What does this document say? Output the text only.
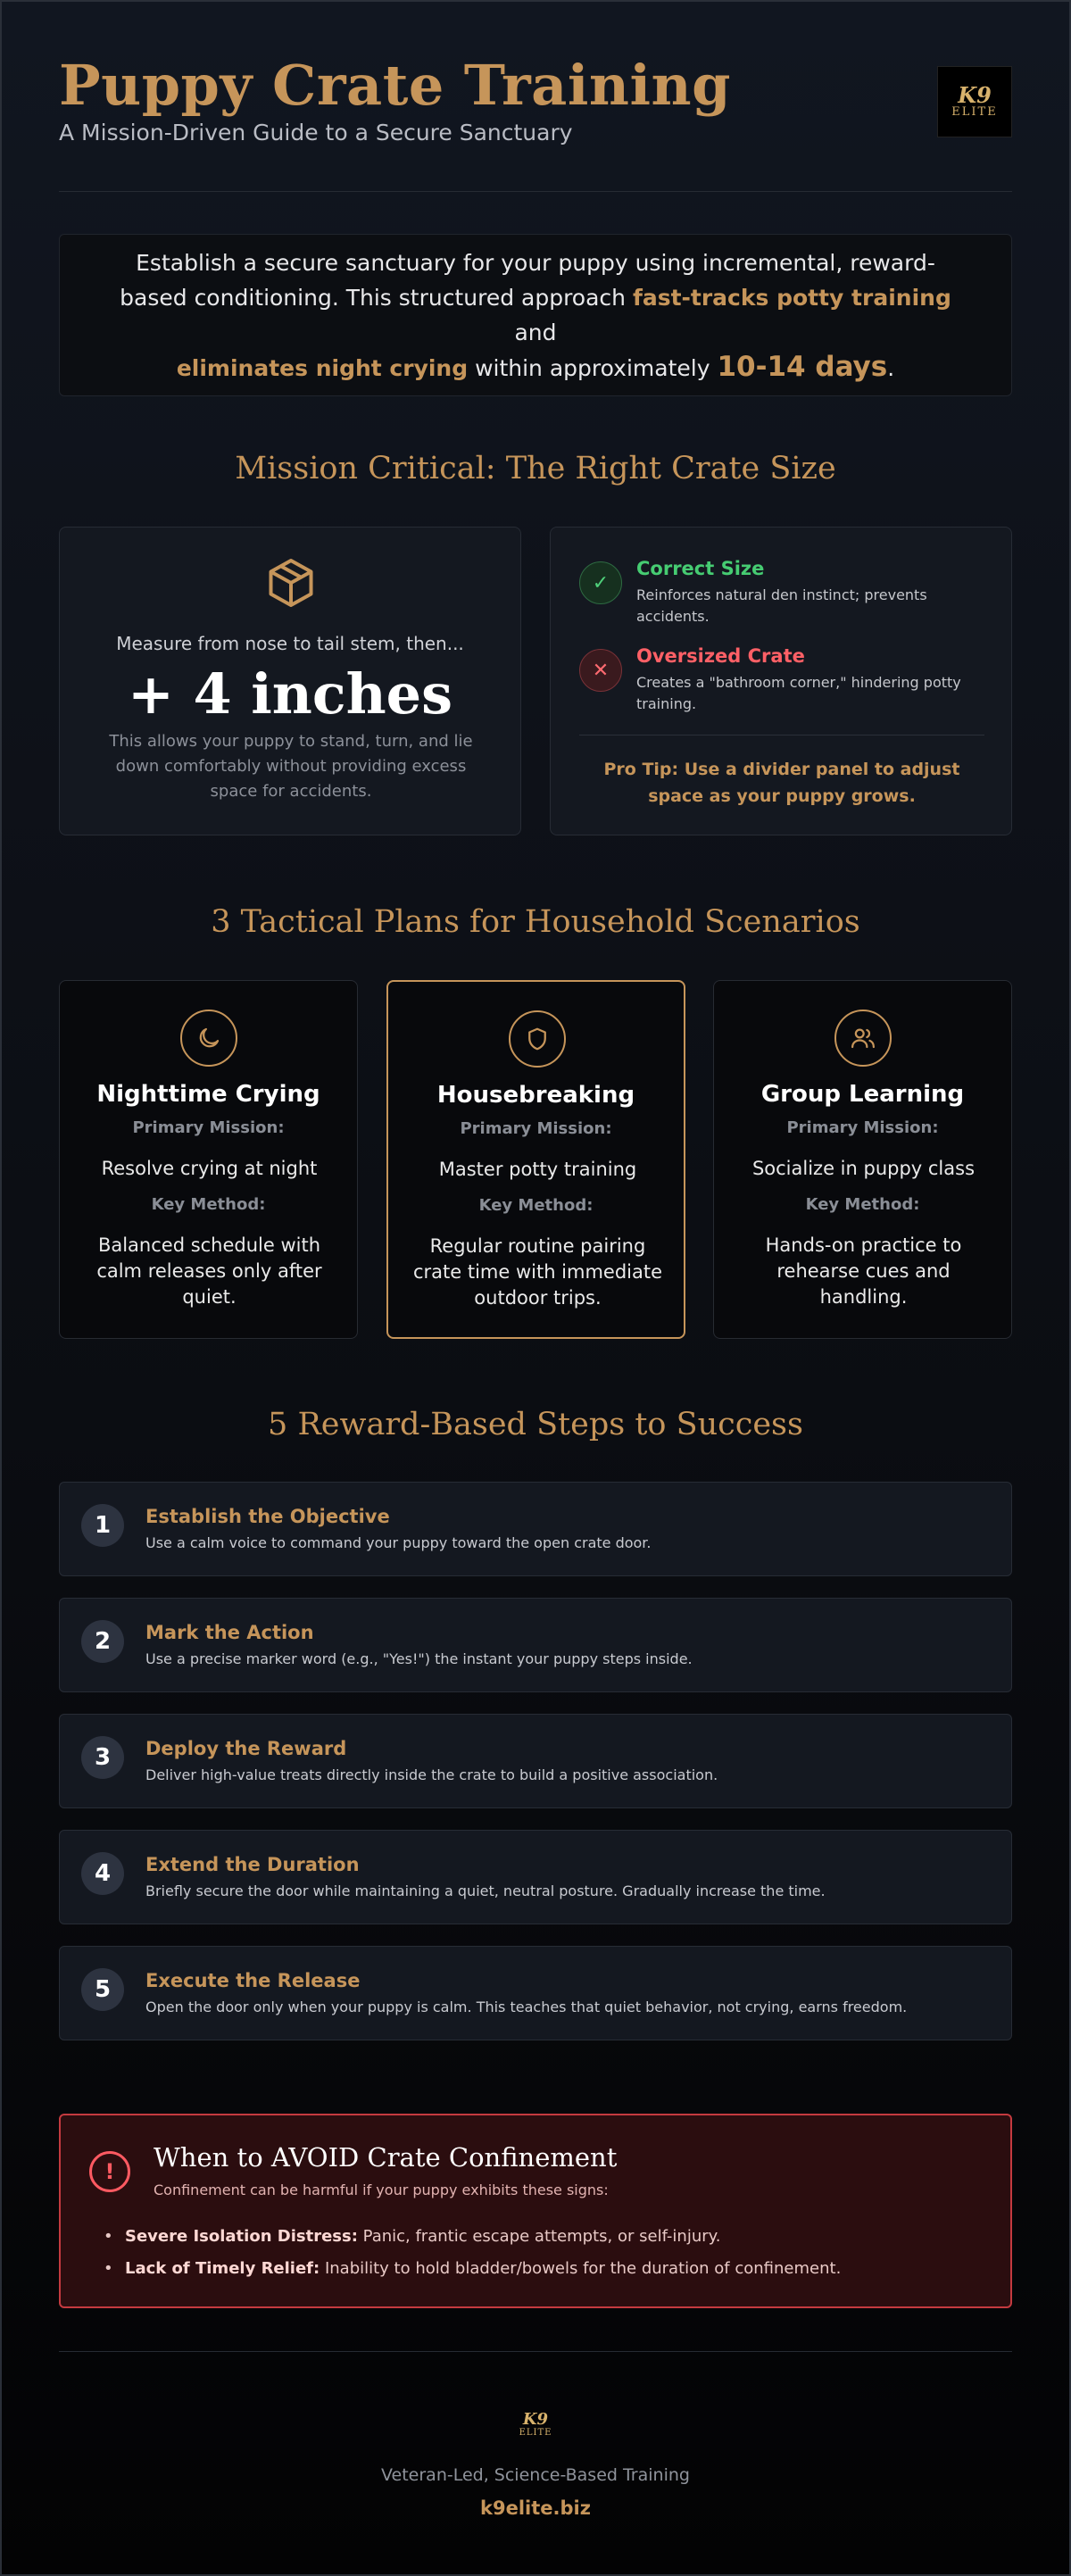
Puppy Crate Training
A Mission-Driven Guide to a Secure Sanctuary
K9
ELITE

Establish a secure sanctuary for your puppy using incremental, reward-based conditioning. This structured approach fast-tracks potty training and
eliminates night crying within approximately 10-14 days.

Mission Critical: The Right Crate Size
Measure from nose to tail stem, then...
+ 4 inches
This allows your puppy to stand, turn, and lie down comfortably without providing excess space for accidents.
✓
Correct Size
Reinforces natural den instinct; prevents accidents.
✕
Oversized Crate
Creates a "bathroom corner," hindering potty training.
Pro Tip: Use a divider panel to adjust space as your puppy grows.
3 Tactical Plans for Household Scenarios
Nighttime Crying
Primary Mission:
Resolve crying at night
Key Method:
Balanced schedule with calm releases only after quiet.
Housebreaking
Primary Mission:
Master potty training
Key Method:
Regular routine pairing crate time with immediate outdoor trips.
Group Learning
Primary Mission:
Socialize in puppy class
Key Method:
Hands-on practice to rehearse cues and handling.
5 Reward-Based Steps to Success
1	Establish the Objective
Use a calm voice to command your puppy toward the open crate door.
2	Mark the Action
Use a precise marker word (e.g., "Yes!") the instant your puppy steps inside.
3	Deploy the Reward
Deliver high-value treats directly inside the crate to build a positive association.
4	Extend the Duration
Briefly secure the door while maintaining a quiet, neutral posture. Gradually increase the time.
5	Execute the Release
Open the door only when your puppy is calm. This teaches that quiet behavior, not crying, earns freedom.
!	When to AVOID Crate Confinement
Confinement can be harmful if your puppy exhibits these signs:
• Severe Isolation Distress: Panic, frantic escape attempts, or self-injury.
• Lack of Timely Relief: Inability to hold bladder/bowels for the duration of confinement.
K9
ELITE
Veteran-Led, Science-Based Training
k9elite.biz
